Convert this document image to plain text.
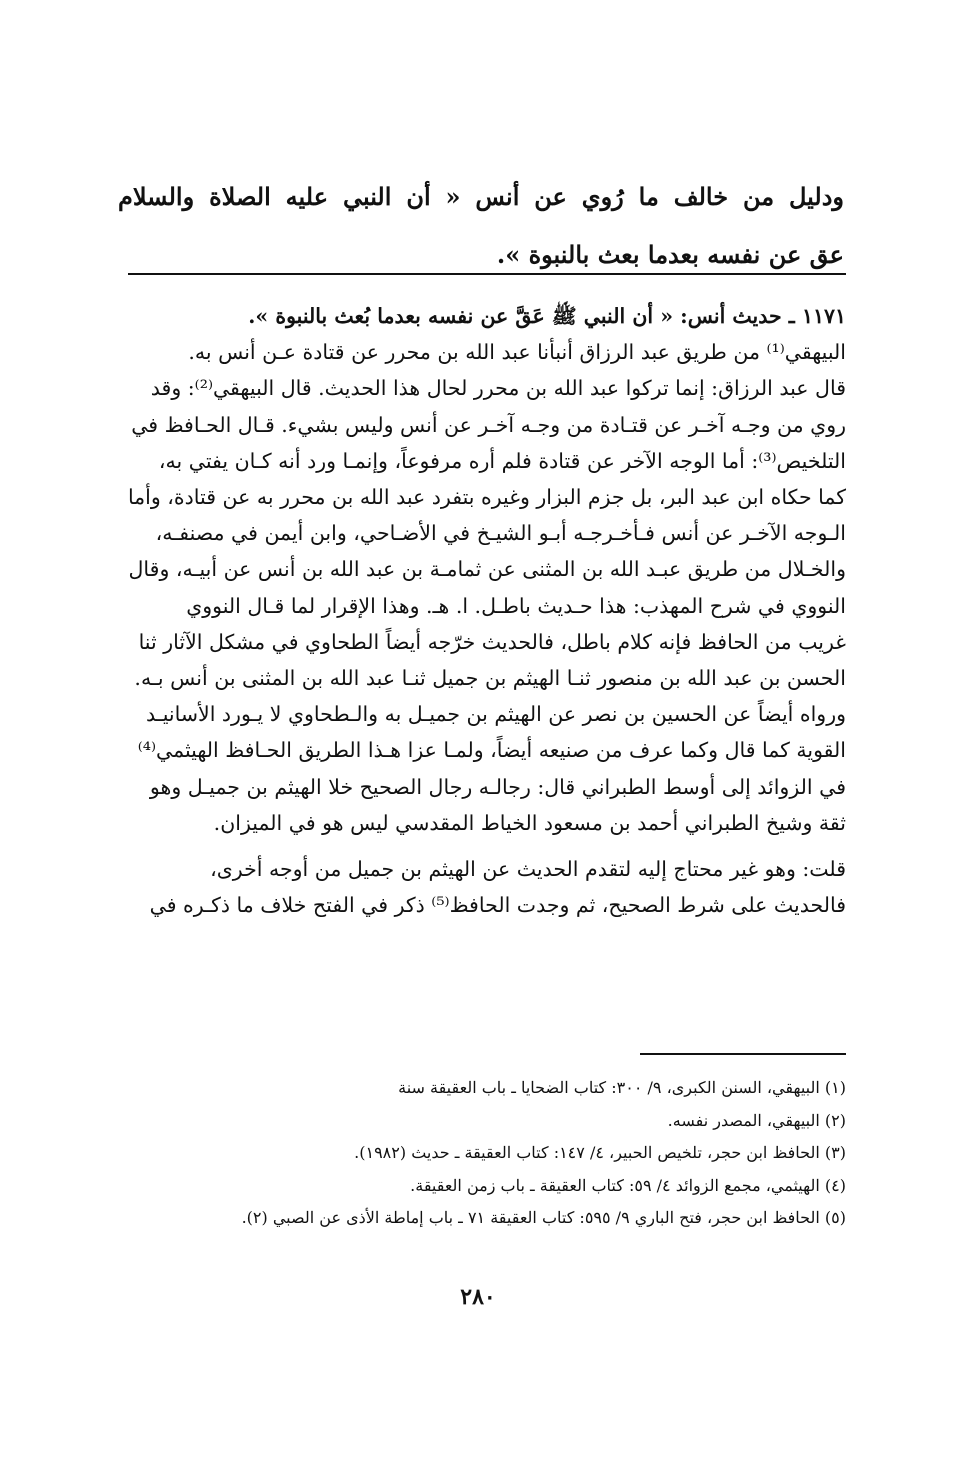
ودليل من خالف ما رُوي عن أنس « أن النبي عليه الصلاة والسلام

عق عن نفسه بعدما بعث بالنبوة ».

١١٧١ ـ حديث أنس: « أن النبي ﷺ عَقَّ عن نفسه بعدما بُعث بالنبوة ».

البيهقي⁽¹⁾ من طريق عبد الرزاق أنبأنا عبد الله بن محرر عن قتادة عـن أنس به.

قال عبد الرزاق: إنما تركوا عبد الله بن محرر لحال هذا الحديث. قال البيهقي⁽²⁾: وقد

روي من وجـه آخـر عن قتـادة من وجـه آخـر عن أنس وليس بشيء. قـال الحـافظ في

التلخيص⁽³⁾: أما الوجه الآخر عن قتادة فلم أره مرفوعاً، وإنمـا ورد أنه كـان يفتي به،

كما حكاه ابن عبد البر، بل جزم البزار وغيره بتفرد عبد الله بن محرر به عن قتادة، وأما

الـوجه الآخـر عن أنس فـأخـرجـه أبـو الشيـخ في الأضـاحي، وابن أيمن في مصنفـه،

والخـلال من طريق عبـد الله بن المثنى عن ثمامـة بن عبد الله بن أنس عن أبيـه، وقال

النووي في شرح المهذب: هذا حـديث باطـل. ا. هـ. وهذا الإقرار لما قـال النووي

غريب من الحافظ فإنه كلام باطل، فالحديث خرّجه أيضاً الطحاوي في مشكل الآثار ثنا

الحسن بن عبد الله بن منصور ثنـا الهيثم بن جميل ثنـا عبد الله بن المثنى بن أنس بـه.

ورواه أيضاً عن الحسين بن نصر عن الهيثم بن جميـل به والـطحاوي لا يـورد الأسانيـد

القوية كما قال وكما عرف من صنيعه أيضاً، ولمـا عزا هـذا الطريق الحـافظ الهيثمي⁽⁴⁾

في الزوائد إلى أوسط الطبراني قال: رجالـه رجال الصحيح خلا الهيثم بن جميـل وهو

ثقة وشيخ الطبراني أحمد بن مسعود الخياط المقدسي ليس هو في الميزان.

قلت: وهو غير محتاج إليه لتقدم الحديث عن الهيثم بن جميل من أوجه أخرى،

فالحديث على شرط الصحيح، ثم وجدت الحافظ⁽⁵⁾ ذكر في الفتح خلاف ما ذكـره في

(١) البيهقي، السنن الكبرى، ٩/ ٣٠٠: كتاب الضحايا ـ باب العقيقة سنة
(٢) البيهقي، المصدر نفسه.
(٣) الحافظ ابن حجر، تلخيص الحبير، ٤/ ١٤٧: كتاب العقيقة ـ حديث (١٩٨٢).
(٤) الهيثمي، مجمع الزوائد ٤/ ٥٩: كتاب العقيقة ـ باب زمن العقيقة.
(٥) الحافظ ابن حجر، فتح الباري ٩/ ٥٩٥: كتاب العقيقة ٧١ ـ باب إماطة الأذى عن الصبي (٢).
٢٨٠
